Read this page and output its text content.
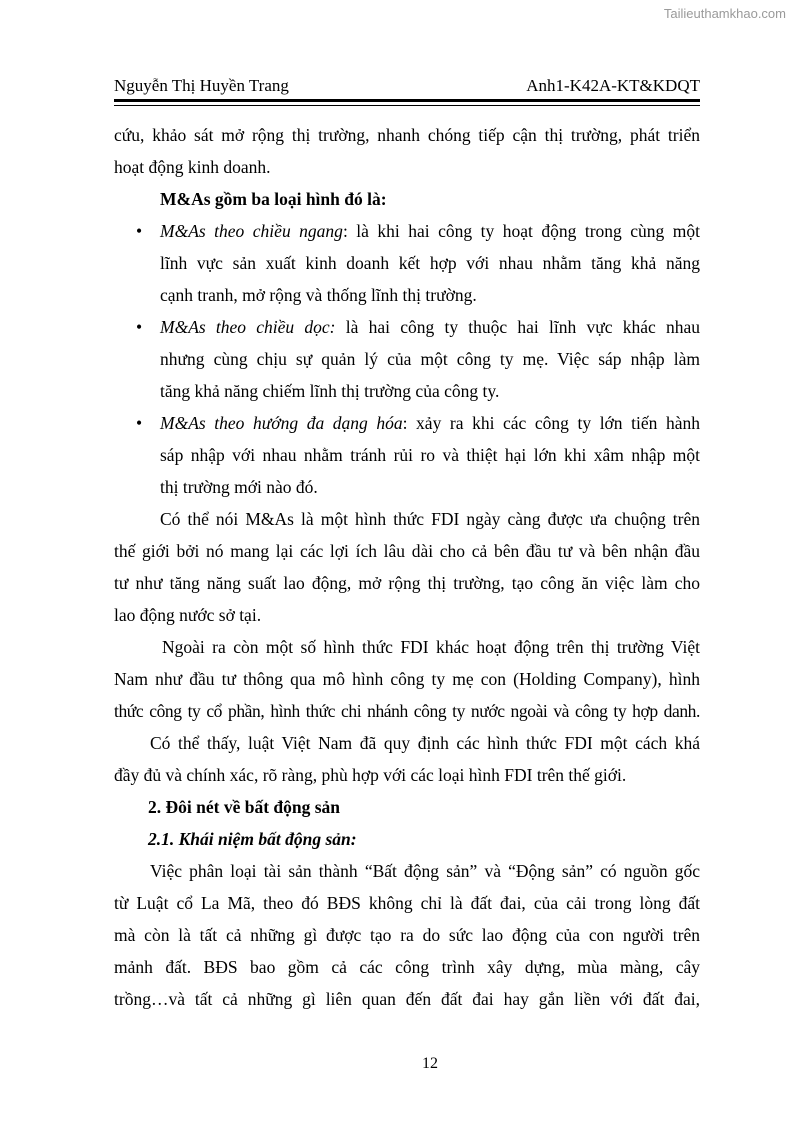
Tailieuthamkhao.com
Nguyễn Thị Huyền Trang	Anh1-K42A-KT&KDQT
cứu, khảo sát mở rộng thị trường, nhanh chóng tiếp cận thị trường, phát triển
hoạt động kinh doanh.
M&As gồm ba loại hình đó là:
• M&As theo chiều ngang: là khi hai công ty hoạt động trong cùng một
lĩnh vực sản xuất kinh doanh kết hợp với nhau nhằm tăng khả năng
cạnh tranh, mở rộng và thống lĩnh thị trường.
• M&As theo chiều dọc: là hai công ty thuộc hai lĩnh vực khác nhau
nhưng cùng chịu sự quản lý của một công ty mẹ. Việc sáp nhập làm
tăng khả năng chiếm lĩnh thị trường của công ty.
• M&As theo hướng đa dạng hóa: xảy ra khi các công ty lớn tiến hành
sáp nhập với nhau nhằm tránh rủi ro và thiệt hại lớn khi xâm nhập một
thị trường mới nào đó.
Có thể nói M&As là một hình thức FDI ngày càng được ưa chuộng trên
thế giới bởi nó mang lại các lợi ích lâu dài cho cả bên đầu tư và bên nhận đầu
tư như tăng năng suất lao động, mở rộng thị trường, tạo công ăn việc làm cho
lao động nước sở tại.
Ngoài ra còn một số hình thức FDI khác hoạt động trên thị trường Việt
Nam như đầu tư thông qua mô hình công ty mẹ con (Holding Company), hình
thức công ty cổ phần, hình thức chi nhánh công ty nước ngoài và công ty hợp danh.
Có thể thấy, luật Việt Nam đã quy định các hình thức FDI một cách khá
đầy đủ và chính xác, rõ ràng, phù hợp với các loại hình FDI trên thế giới.
2. Đôi nét về bất động sản
2.1. Khái niệm bất động sản:
Việc phân loại tài sản thành “Bất động sản” và “Động sản” có nguồn gốc
từ Luật cổ La Mã, theo đó BĐS không chỉ là đất đai, của cải trong lòng đất
mà còn là tất cả những gì được tạo ra do sức lao động của con người trên
mảnh đất. BĐS bao gồm cả các công trình xây dựng, mùa màng, cây
trồng…và tất cả những gì liên quan đến đất đai hay gắn liền với đất đai,
12
